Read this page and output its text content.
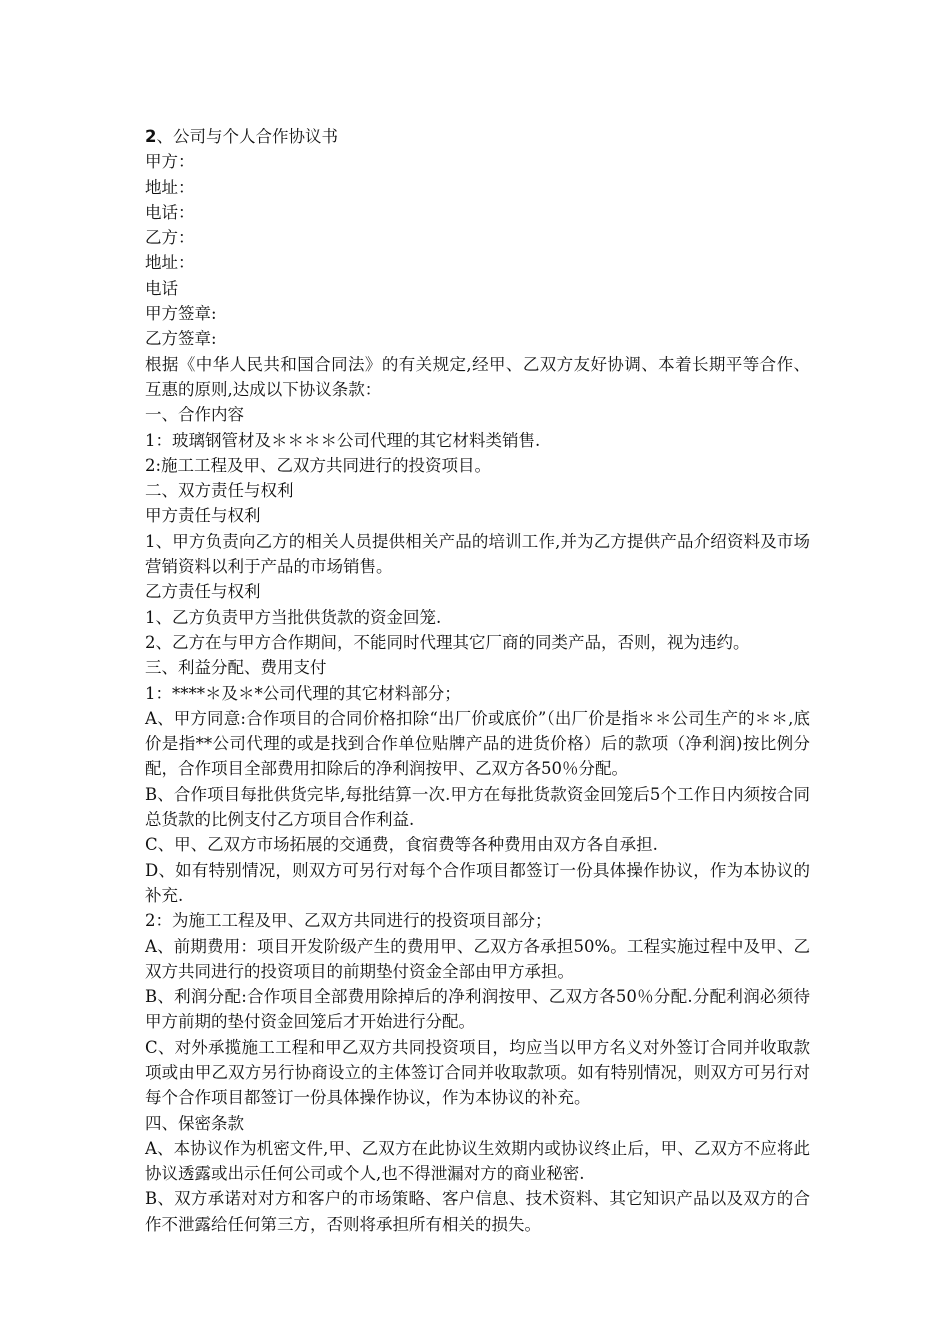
2、公司与个人合作协议书
甲方：
地址：
电话：
乙方：
地址：
电话
甲方签章:
乙方签章:
根据《中华人民共和国合同法》的有关规定,经甲、乙双方友好协调、本着长期平等合作、互惠的原则,达成以下协议条款：
一、合作内容
1：玻璃钢管材及＊＊＊＊公司代理的其它材料类销售.
2:施工工程及甲、乙双方共同进行的投资项目。
二、双方责任与权利
甲方责任与权利
1、甲方负责向乙方的相关人员提供相关产品的培训工作,并为乙方提供产品介绍资料及市场营销资料以利于产品的市场销售。
乙方责任与权利
1、乙方负责甲方当批供货款的资金回笼.
2、乙方在与甲方合作期间，不能同时代理其它厂商的同类产品，否则，视为违约。
三、利益分配、费用支付
1：****＊及＊*公司代理的其它材料部分；
A、甲方同意:合作项目的合同价格扣除“出厂价或底价”（出厂价是指＊＊公司生产的＊＊,底价是指**公司代理的或是找到合作单位贴牌产品的进货价格）后的款项（净利润)按比例分配，合作项目全部费用扣除后的净利润按甲、乙双方各50％分配。
B、合作项目每批供货完毕,每批结算一次.甲方在每批货款资金回笼后5个工作日内须按合同总货款的比例支付乙方项目合作利益.
C、甲、乙双方市场拓展的交通费，食宿费等各种费用由双方各自承担.
D、如有特别情况，则双方可另行对每个合作项目都签订一份具体操作协议，作为本协议的补充.
2：为施工工程及甲、乙双方共同进行的投资项目部分；
A、前期费用：项目开发阶级产生的费用甲、乙双方各承担50%。工程实施过程中及甲、乙双方共同进行的投资项目的前期垫付资金全部由甲方承担。
B、利润分配:合作项目全部费用除掉后的净利润按甲、乙双方各50％分配.分配利润必须待甲方前期的垫付资金回笼后才开始进行分配。
C、对外承揽施工工程和甲乙双方共同投资项目，均应当以甲方名义对外签订合同并收取款项或由甲乙双方另行协商设立的主体签订合同并收取款项。如有特别情况，则双方可另行对每个合作项目都签订一份具体操作协议，作为本协议的补充。
四、保密条款
A、本协议作为机密文件,甲、乙双方在此协议生效期内或协议终止后，甲、乙双方不应将此协议透露或出示任何公司或个人,也不得泄漏对方的商业秘密.
B、双方承诺对对方和客户的市场策略、客户信息、技术资料、其它知识产品以及双方的合作不泄露给任何第三方，否则将承担所有相关的损失。
